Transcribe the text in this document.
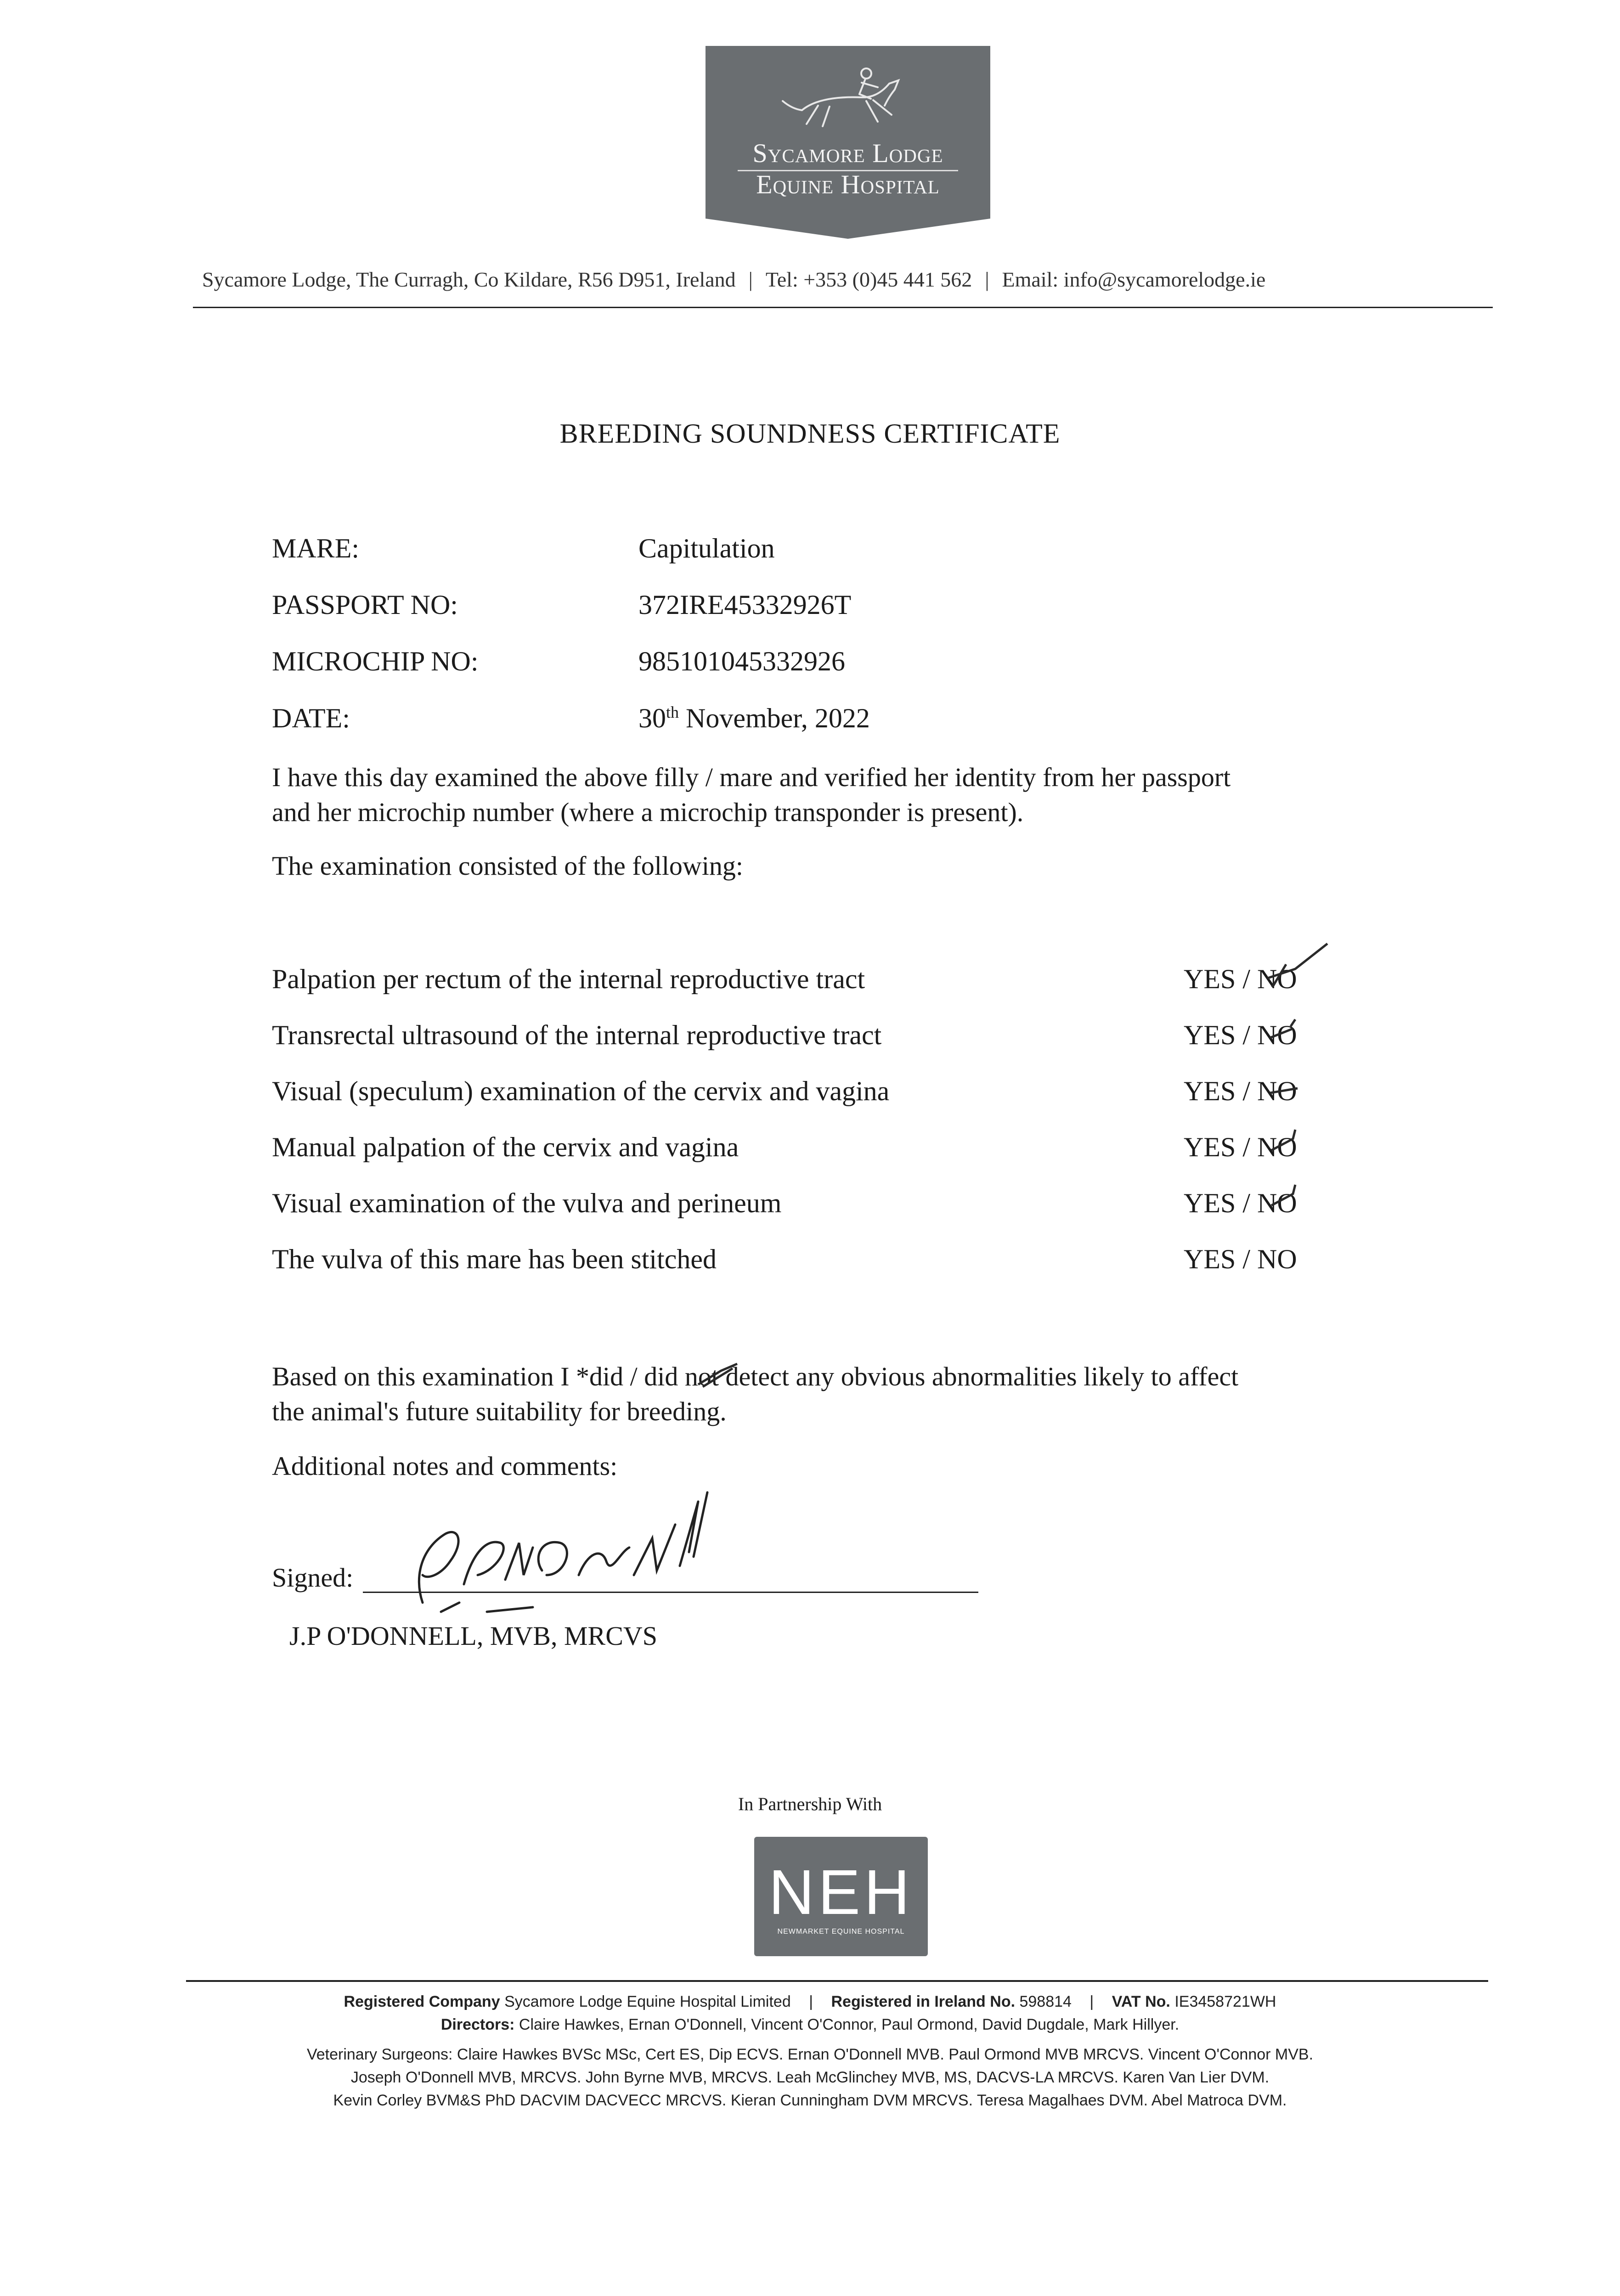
Sycamore Lodge
Equine Hospital
Sycamore Lodge, The Curragh, Co Kildare, R56 D951, Ireland | Tel: +353 (0)45 441 562 | Email: info@sycamorelodge.ie
BREEDING SOUNDNESS CERTIFICATE
MARE:	Capitulation
PASSPORT NO:	372IRE45332926T
MICROCHIP NO:	985101045332926
DATE:	30th November, 2022
I have this day examined the above filly / mare and verified her identity from her passport
and her microchip number (where a microchip transponder is present).
The examination consisted of the following:
Palpation per rectum of the internal reproductive tract	YES / NO
Transrectal ultrasound of the internal reproductive tract	YES / NO
Visual (speculum) examination of the cervix and vagina	YES / NO
Manual palpation of the cervix and vagina	YES / NO
Visual examination of the vulva and perineum	YES / NO
The vulva of this mare has been stitched	YES / NO
Based on this examination I *did / did not detect any obvious abnormalities likely to affect
the animal's future suitability for breeding.
Additional notes and comments:
Signed:
J.P O'DONNELL, MVB, MRCVS
In Partnership With
NEH
NEWMARKET EQUINE HOSPITAL
Registered Company Sycamore Lodge Equine Hospital Limited | Registered in Ireland No. 598814 | VAT No. IE3458721WH
Directors: Claire Hawkes, Ernan O'Donnell, Vincent O'Connor, Paul Ormond, David Dugdale, Mark Hillyer.
Veterinary Surgeons: Claire Hawkes BVSc MSc, Cert ES, Dip ECVS. Ernan O'Donnell MVB. Paul Ormond MVB MRCVS. Vincent O'Connor MVB.
Joseph O'Donnell MVB, MRCVS. John Byrne MVB, MRCVS. Leah McGlinchey MVB, MS, DACVS-LA MRCVS. Karen Van Lier DVM.
Kevin Corley BVM&S PhD DACVIM DACVECC MRCVS. Kieran Cunningham DVM MRCVS. Teresa Magalhaes DVM. Abel Matroca DVM.
